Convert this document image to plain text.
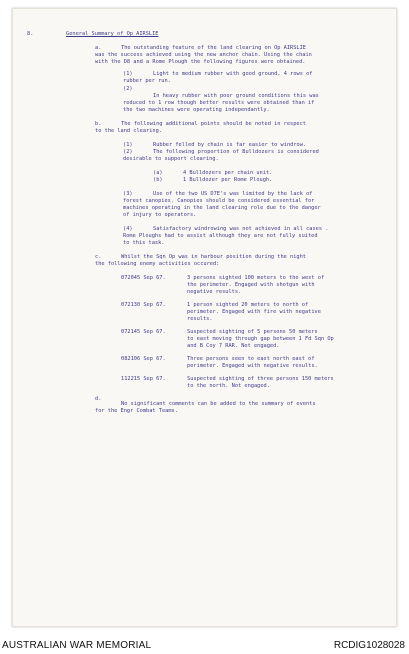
8.	General Summary of Op AIRSLIE
a.	The outstanding feature of the land clearing on Op AIRSLIE
was the success achieved using the new anchor chain. Using the chain
with the D8 and a Rome Plough the following figures were obtained.
(1)	Light to medium rubber with good ground, 4 rows of
rubber per run.
(2)
In heavy rubber with poor ground conditions this was
reduced to 1 row though better results were obtained than if
the two machines were operating independantly.
b.	The following additional points should be noted in respect
to the land clearing.
(1)	Rubber felled by chain is far easier to windrow.
(2)	The following proportion of Bulldozers is considered
desirable to support clearing.
(a)	4 Bulldozers per chain unit.
(b)	1 Bulldozer per Rome Plough.
(3)	Use of the two US D7E's was limited by the lack of
forest canopies. Canopies should be considered essential for
machines operating in the land clearing role due to the danger
of injury to operators.
(4)	Satisfactory windrowing was not achieved in all cases .
Rome Ploughs had to assist although they are not fully suited
to this task.
c.	Whilst the Sqn Op was in harbour position during the night
the following enemy activities occured:
072045 Sep 67.	3 persons sighted 100 meters to the west of
the perimeter. Engaged with shotgun with
negative results.
072130 Sep 67.	1 person sighted 20 meters to north of
perimeter. Engaged with fire with negative
results.
072145 Sep 67.	Suspected sighting of 5 persons 50 meters
to east moving through gap between 1 Fd Sqn Op
and B Coy 7 RAR. Not engaged.
082106 Sep 67.	Three persons seen to east north east of
perimeter. Engaged with negative results.
112215 Sep 67.	Suspected sighting of three persons 150 meters
to the north. Not engaged.
d.
No significant comments can be added to the summary of events
for the Engr Combat Teams.
AUSTRALIAN WAR MEMORIAL	RCDIG1028028
